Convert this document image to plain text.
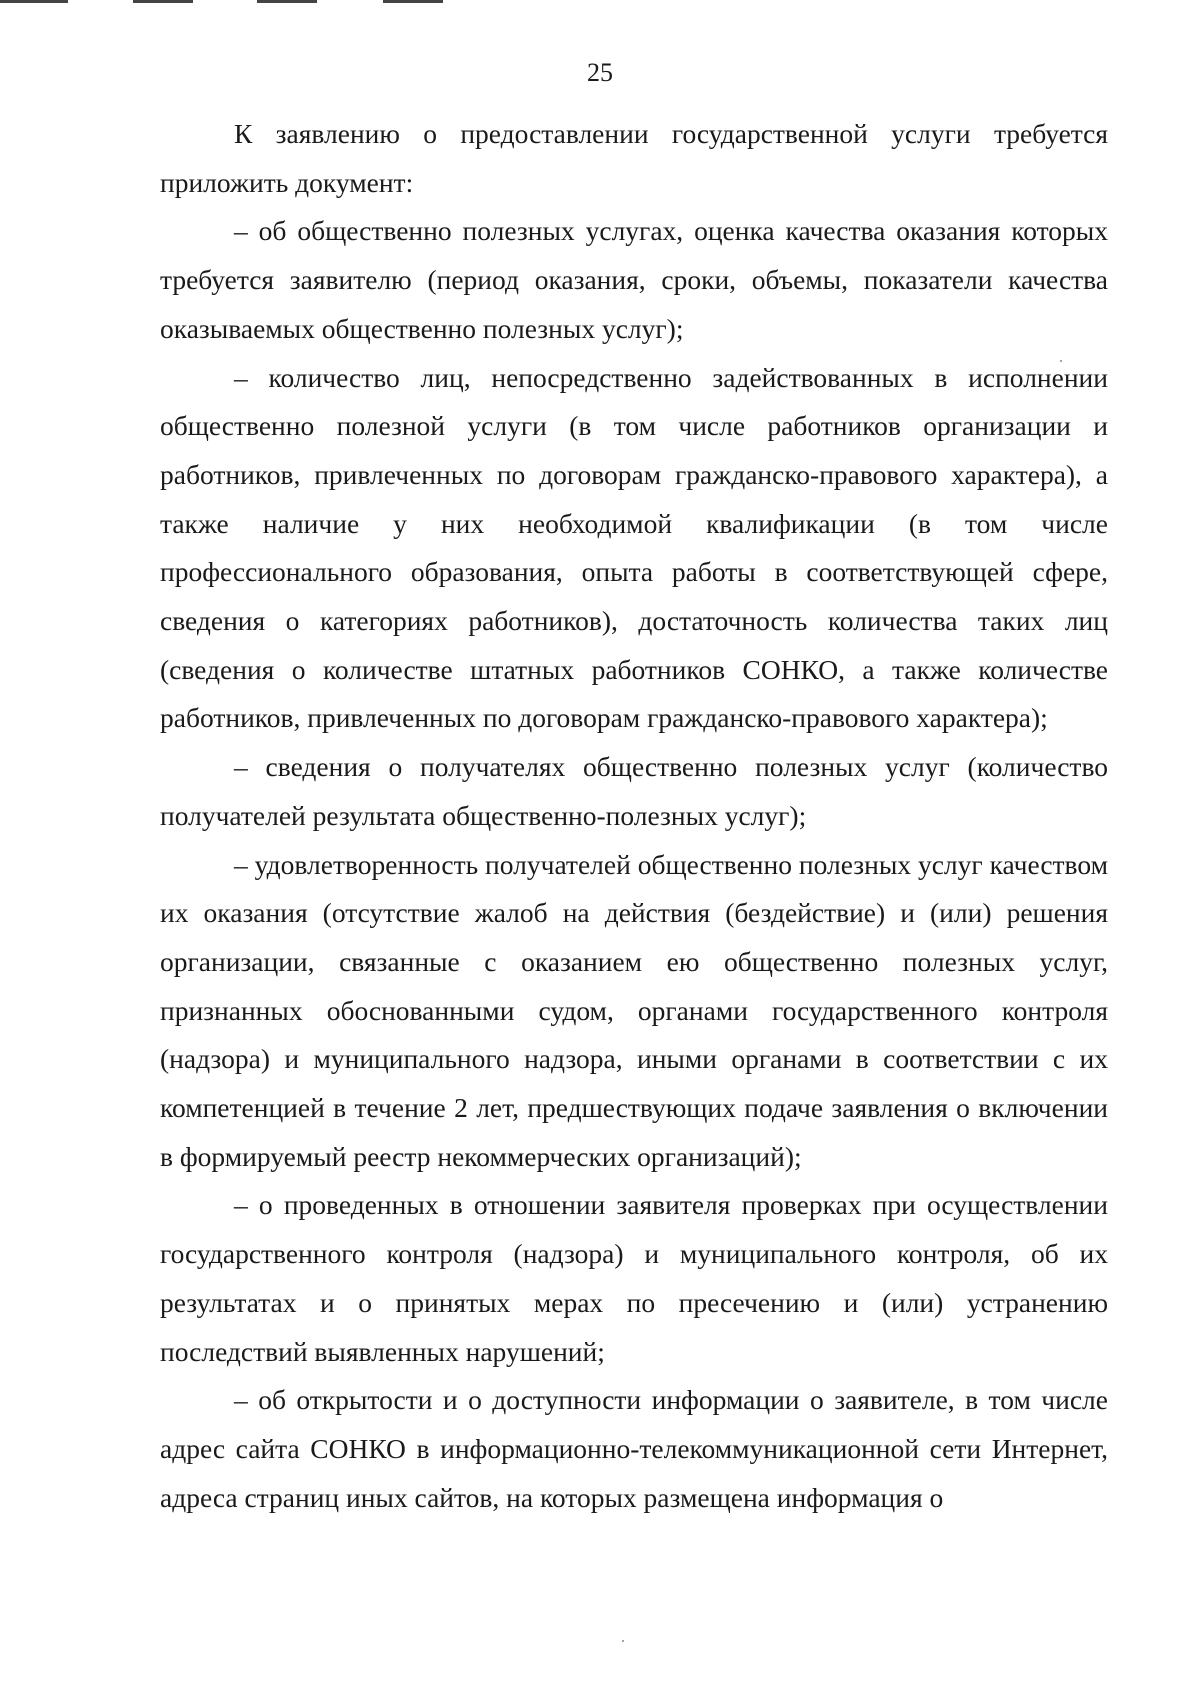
25

К заявлению о предоставлении государственной услуги требуется приложить документ:

– об общественно полезных услугах, оценка качества оказания которых требуется заявителю (период оказания, сроки, объемы, показатели качества оказываемых общественно полезных услуг);

– количество лиц, непосредственно задействованных в исполнении общественно полезной услуги (в том числе работников организации и работников, привлеченных по договорам гражданско-правового характера), а также наличие у них необходимой квалификации (в том числе профессионального образования, опыта работы в соответствующей сфере, сведения о категориях работников), достаточность количества таких лиц (сведения о количестве штатных работников СОНКО, а также количестве работников, привлеченных по договорам гражданско-правового характера);

– сведения о получателях общественно полезных услуг (количество получателей результата общественно-полезных услуг);

– удовлетворенность получателей общественно полезных услуг качеством их оказания (отсутствие жалоб на действия (бездействие) и (или) решения организации, связанные с оказанием ею общественно полезных услуг, признанных обоснованными судом, органами государственного контроля (надзора) и муниципального надзора, иными органами в соответствии с их компетенцией в течение 2 лет, предшествующих подаче заявления о включении в формируемый реестр некоммерческих организаций);

– о проведенных в отношении заявителя проверках при осуществлении государственного контроля (надзора) и муниципального контроля, об их результатах и о принятых мерах по пресечению и (или) устранению последствий выявленных нарушений;

– об открытости и о доступности информации о заявителе, в том числе адрес сайта СОНКО в информационно-телекоммуникационной сети Интернет, адреса страниц иных сайтов, на которых размещена информация о
